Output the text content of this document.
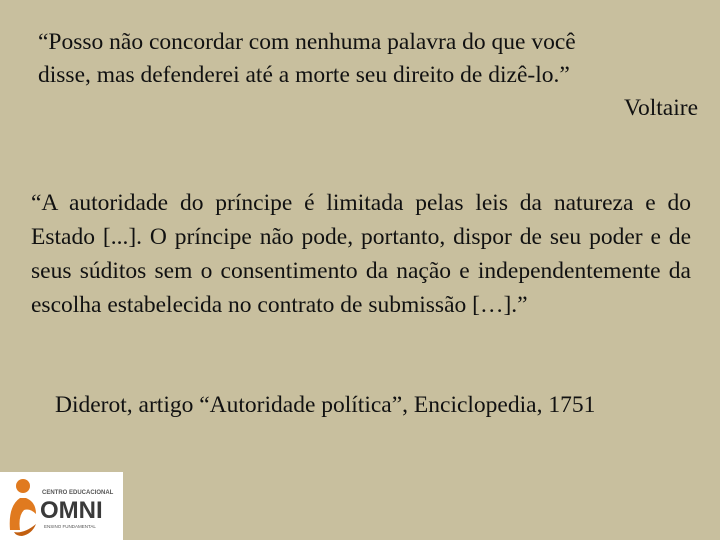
“Posso não concordar com nenhuma palavra do que você
disse, mas defenderei até a morte seu direito de dizê-lo.”
Voltaire
“A autoridade do príncipe é limitada pelas leis da natureza e do Estado [...]. O príncipe não pode, portanto, dispor de seu poder e de seus súditos sem o consentimento da nação e independentemente da escolha estabelecida no contrato de submissão […].”
Diderot, artigo “Autoridade política”, Enciclopedia, 1751
CENTRO EDUCACIONAL
OMNI
ENSINO FUNDAMENTAL
